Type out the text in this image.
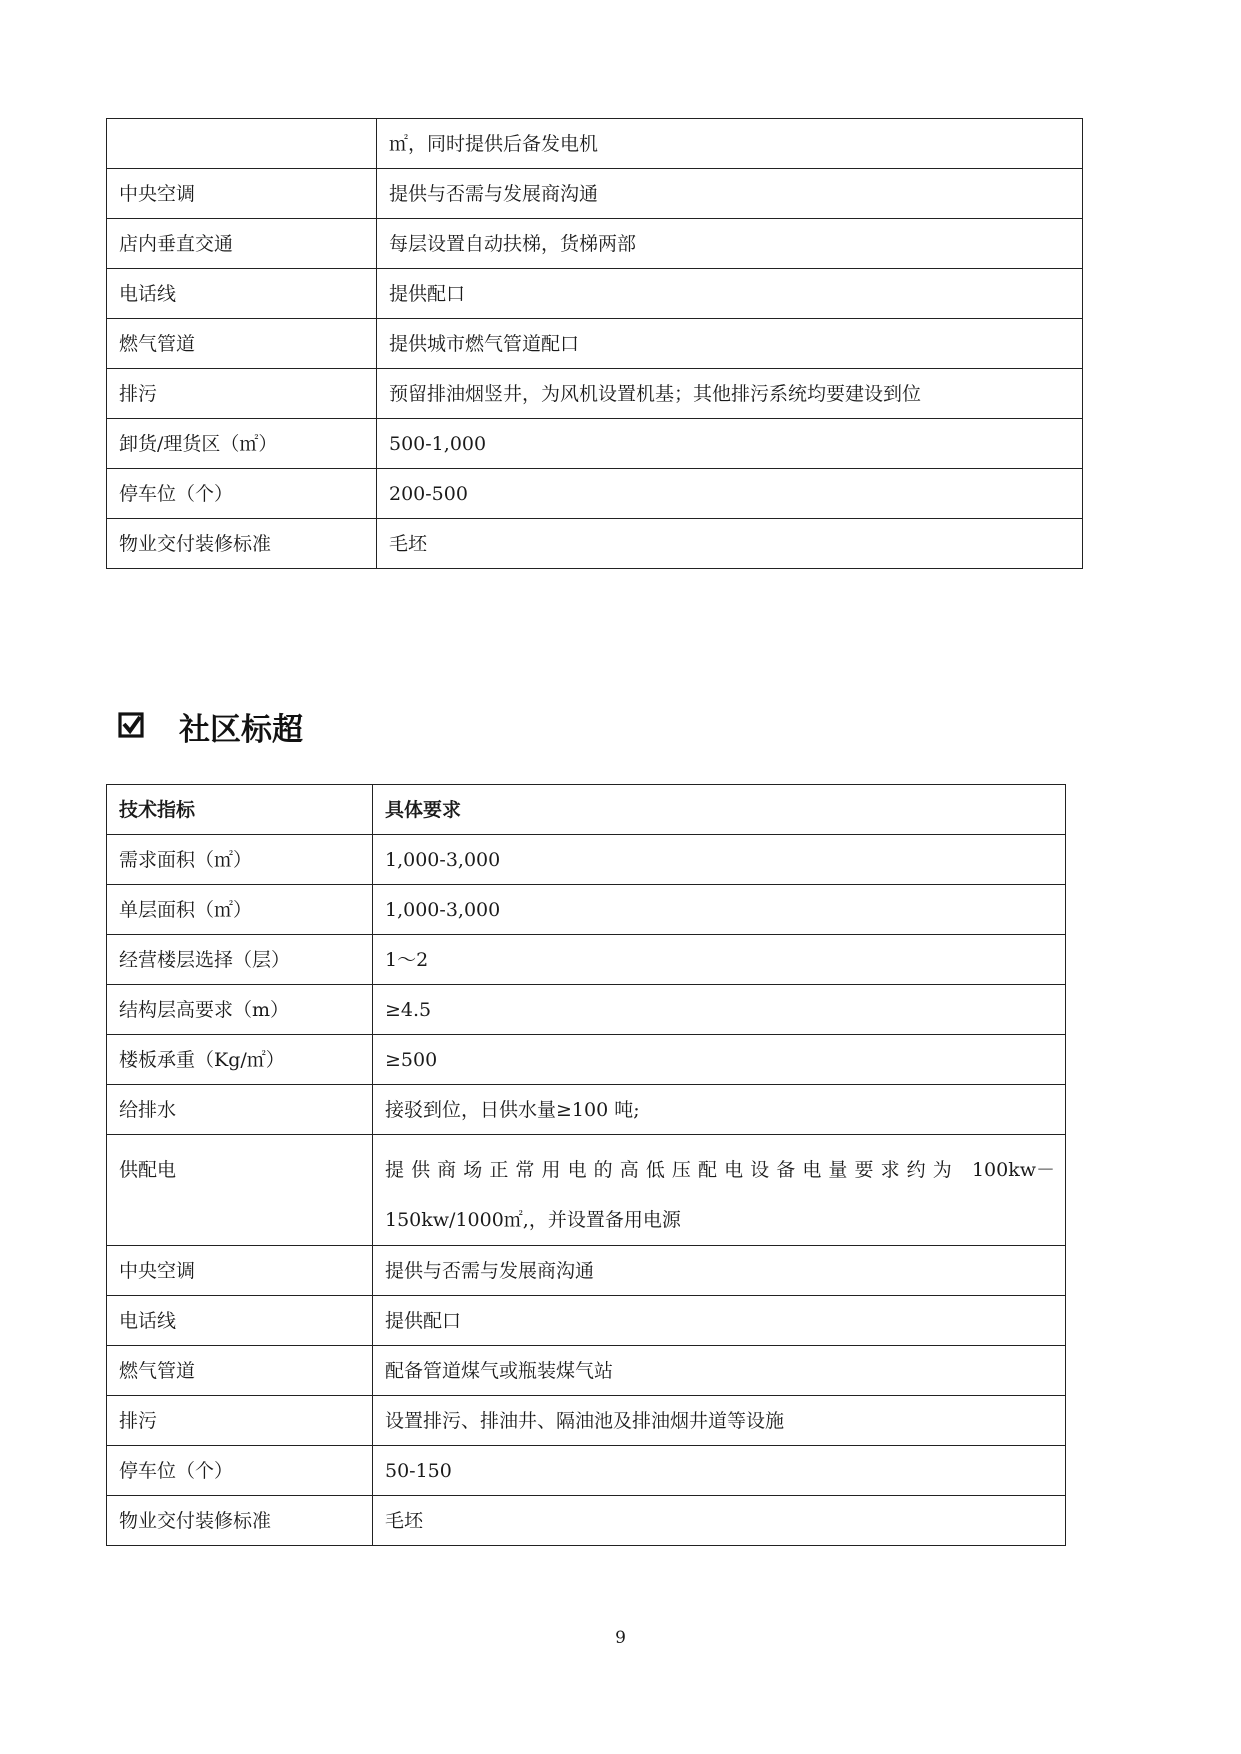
	㎡，同时提供后备发电机
中央空调	提供与否需与发展商沟通
店内垂直交通	每层设置自动扶梯，货梯两部
电话线	提供配口
燃气管道	提供城市燃气管道配口
排污	预留排油烟竖井，为风机设置机基；其他排污系统均要建设到位
卸货/理货区（㎡）	500-1,000
停车位（个）	200-500
物业交付装修标准	毛坯
社区标超
技术指标	具体要求
需求面积（㎡）	1,000-3,000
单层面积（㎡）	1,000-3,000
经营楼层选择（层）	1～2
结构层高要求（m）	≥4.5
楼板承重（Kg/㎡）	≥500
给排水	接驳到位，日供水量≥100 吨;
供配电	提供商场正常用电的高低压配电设备电量要求约为 100kw－
150kw/1000㎡,，并设置备用电源

中央空调	提供与否需与发展商沟通
电话线	提供配口
燃气管道	配备管道煤气或瓶装煤气站
排污	设置排污、排油井、隔油池及排油烟井道等设施
停车位（个）	50-150
物业交付装修标准	毛坯
9
